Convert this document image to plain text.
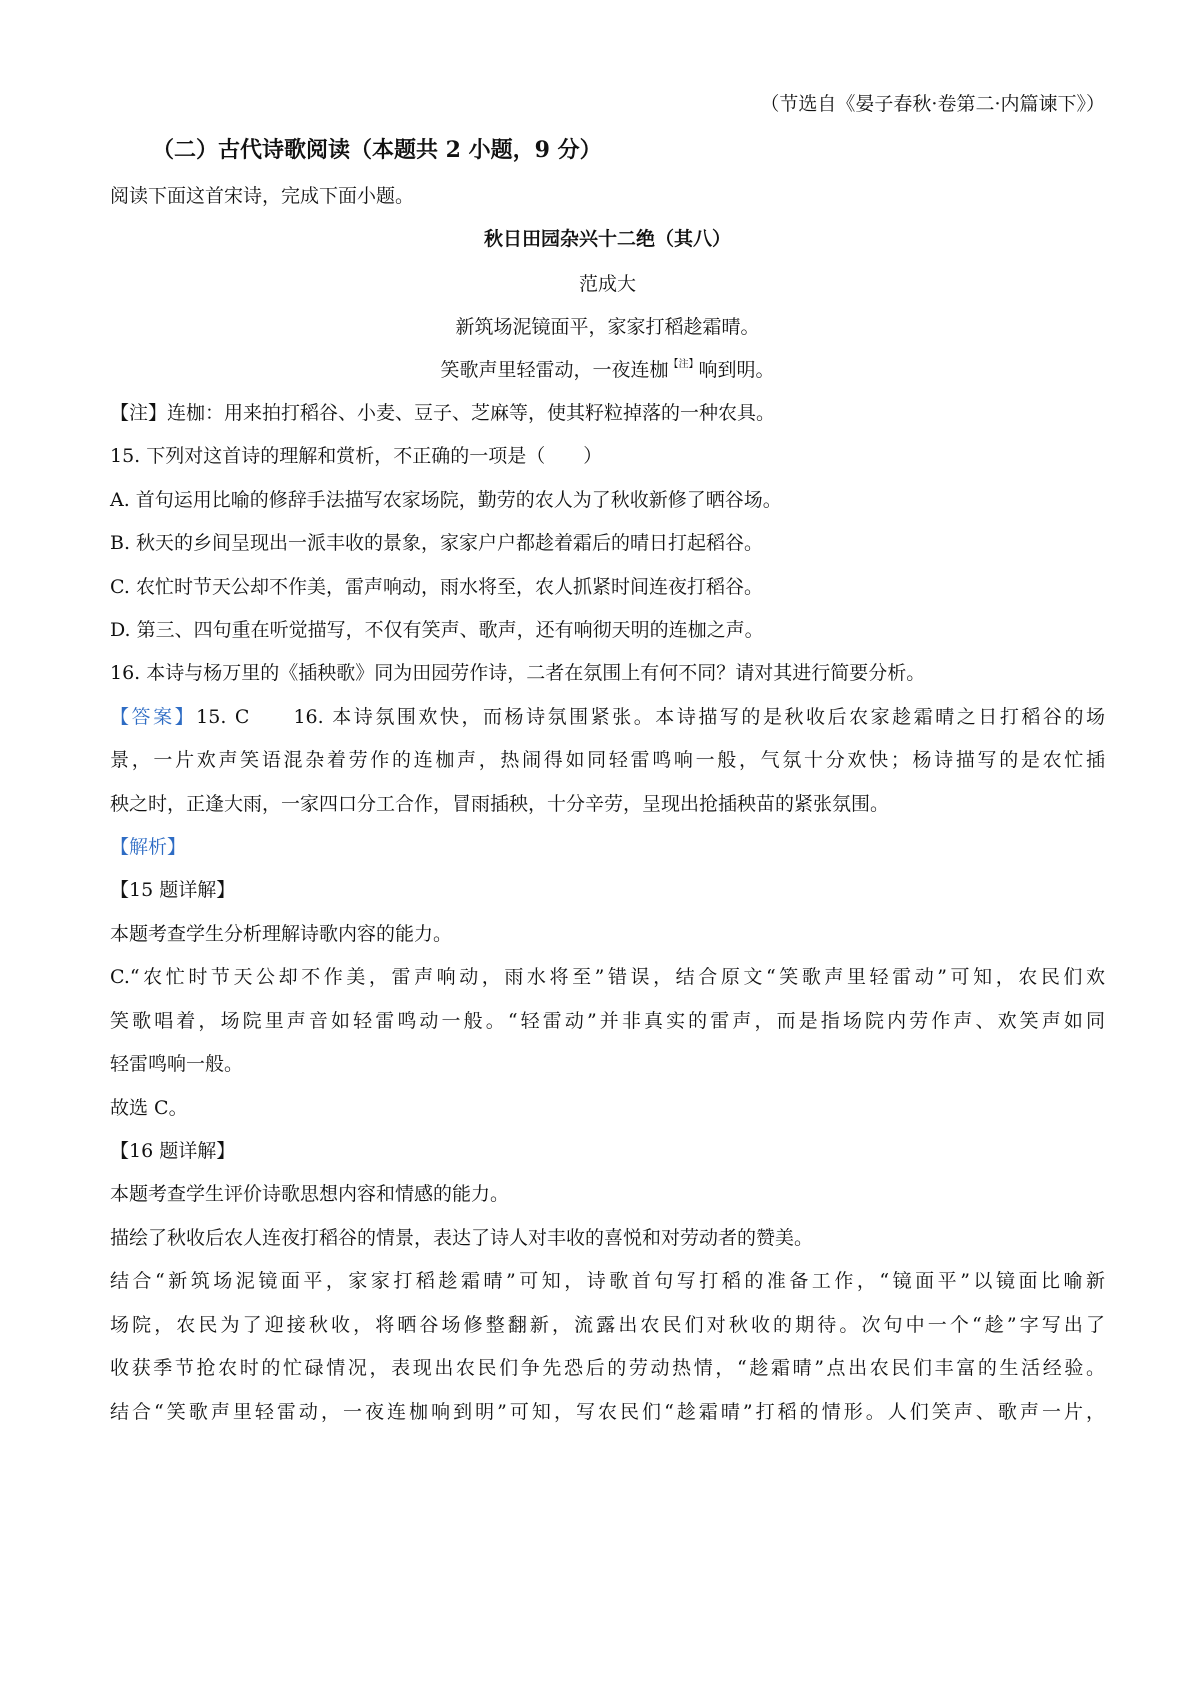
（节选自《晏子春秋·卷第二·内篇谏下》）

（二）古代诗歌阅读（本题共 2 小题，9 分）

阅读下面这首宋诗，完成下面小题。

秋日田园杂兴十二绝（其八）

范成大

新筑场泥镜面平，家家打稻趁霜晴。

笑歌声里轻雷动，一夜连枷$^{【注】}$响到明。

【注】连枷：用来拍打稻谷、小麦、豆子、芝麻等，使其籽粒掉落的一种农具。

15. 下列对这首诗的理解和赏析，不正确的一项是（　　）

A. 首句运用比喻的修辞手法描写农家场院，勤劳的农人为了秋收新修了晒谷场。

B. 秋天的乡间呈现出一派丰收的景象，家家户户都趁着霜后的晴日打起稻谷。

C. 农忙时节天公却不作美，雷声响动，雨水将至，农人抓紧时间连夜打稻谷。

D. 第三、四句重在听觉描写，不仅有笑声、歌声，还有响彻天明的连枷之声。

16. 本诗与杨万里的《插秧歌》同为田园劳作诗，二者在氛围上有何不同？请对其进行简要分析。

【答案】15. C 16. 本诗氛围欢快，而杨诗氛围紧张。本诗描写的是秋收后农家趁霜晴之日打稻谷的场

景，一片欢声笑语混杂着劳作的连枷声，热闹得如同轻雷鸣响一般，气氛十分欢快；杨诗描写的是农忙插

秧之时，正逢大雨，一家四口分工合作，冒雨插秧，十分辛劳，呈现出抢插秧苗的紧张氛围。

【解析】

【15 题详解】

本题考查学生分析理解诗歌内容的能力。

C.“农忙时节天公却不作美，雷声响动，雨水将至”错误，结合原文“笑歌声里轻雷动”可知，农民们欢

笑歌唱着，场院里声音如轻雷鸣动一般。“轻雷动”并非真实的雷声，而是指场院内劳作声、欢笑声如同

轻雷鸣响一般。

故选 C。

【16 题详解】

本题考查学生评价诗歌思想内容和情感的能力。

描绘了秋收后农人连夜打稻谷的情景，表达了诗人对丰收的喜悦和对劳动者的赞美。

结合“新筑场泥镜面平，家家打稻趁霜晴”可知，诗歌首句写打稻的准备工作，“镜面平”以镜面比喻新

场院，农民为了迎接秋收，将晒谷场修整翻新，流露出农民们对秋收的期待。次句中一个“趁”字写出了

收获季节抢农时的忙碌情况，表现出农民们争先恐后的劳动热情，“趁霜晴”点出农民们丰富的生活经验。

结合“笑歌声里轻雷动，一夜连枷响到明”可知，写农民们“趁霜晴”打稻的情形。人们笑声、歌声一片，
